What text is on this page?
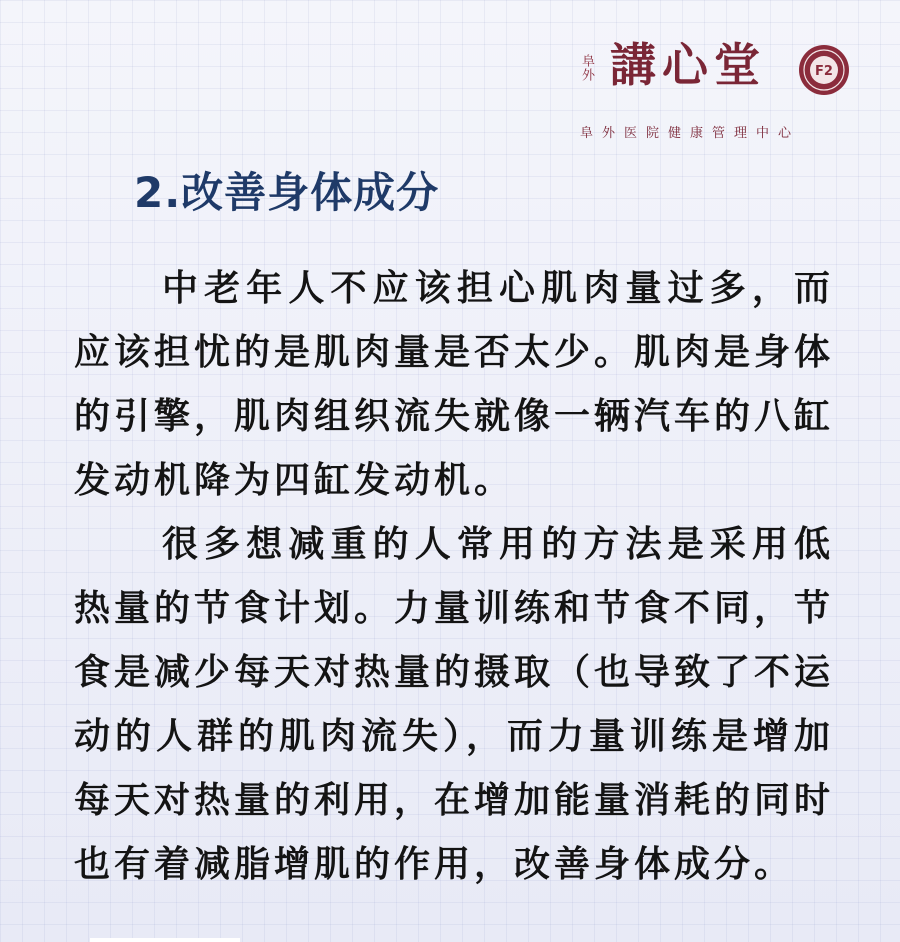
阜外 講心堂	F2
阜外医院健康管理中心
2.改善身体成分

中老年人不应该担心肌肉量过多，而应该担忧的是肌肉量是否太少。肌肉是身体的引擎，肌肉组织流失就像一辆汽车的八缸发动机降为四缸发动机。

很多想减重的人常用的方法是采用低热量的节食计划。力量训练和节食不同，节食是减少每天对热量的摄取（也导致了不运动的人群的肌肉流失），而力量训练是增加每天对热量的利用，在增加能量消耗的同时也有着减脂增肌的作用，改善身体成分。
